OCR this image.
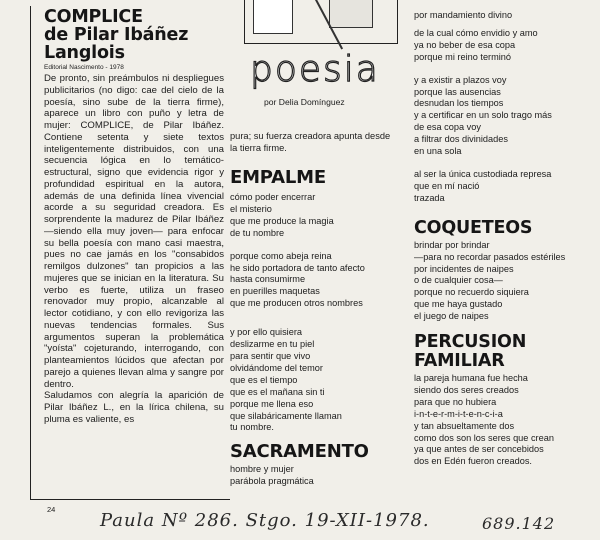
COMPLICE
de Pilar Ibáñez
Langlois
Editorial Nascimento - 1978
De pronto, sin preámbulos ni despliegues publicitarios (no digo: cae del cielo de la poesía, sino sube de la tierra firme), aparece un libro con puño y letra de mujer: COMPLICE, de Pilar Ibáñez. Contiene setenta y siete textos inteligentemente distribuidos, con una secuencia lógica en lo temático-estructural, signo que evidencia rigor y profundidad espiritual en la autora, además de una definida línea vivencial acorde a su seguridad creadora. Es sorprendente la madurez de Pilar Ibáñez —siendo ella muy joven— para enfocar su bella poesía con mano casi maestra, pues no cae jamás en los "consabidos remilgos dulzones" tan propicios a las mujeres que se inician en la literatura. Su verbo es fuerte, utiliza un fraseo renovador muy propio, alcanzable al lector cotidiano, y con ello revigoriza las nuevas tendencias formales. Sus argumentos superan la problemática "yoísta" cojeturando, interrogando, con planteamientos lúcidos que afectan por parejo a quienes llevan alma y sangre por dentro.
Saludamos con alegría la aparición de Pilar Ibáñez L., en la lírica chilena, su pluma es valiente, es
poesia
por Delia Domínguez
pura; su fuerza creadora apunta desde la tierra firme.
EMPALME
cómo poder encerrar
el misterio
que me produce la magia
de tu nombre
porque como abeja reina
he sido portadora de tanto afecto
hasta consumirme
en puerilles maquetas
que me producen otros nombres
y por ello quisiera
deslizarme en tu piel
para sentir que vivo
olvidándome del temor
que es el tiempo
que es el mañana sin ti
porque me llena eso
que silabáricamente llaman
tu nombre.
SACRAMENTO
hombre y mujer
parábola pragmática
por mandamiento divino
de la cual cómo envidio y amo
ya no beber de esa copa
porque mi reino terminó
y a existir a plazos voy
porque las ausencias
desnudan los tiempos
y a certificar en un solo trago más
de esa copa voy
a filtrar dos divinidades
en una sola
al ser la única custodiada represa
que en mí nació
trazada
COQUETEOS
brindar por brindar
—para no recordar pasados estériles
por incidentes de naipes
o de cualquier cosa—
porque no recuerdo siquiera
que me haya gustado
el juego de naipes
PERCUSION
FAMILIAR
la pareja humana fue hecha
siendo dos seres creados
para que no hubiera
i-n-t-e-r-m-i-t-e-n-c-i-a
y tan absueltamente dos
como dos son los seres que crean
ya que antes de ser concebidos
dos en Edén fueron creados.
24
Paula Nº 286. Stgo. 19-XII-1978.	689.142
